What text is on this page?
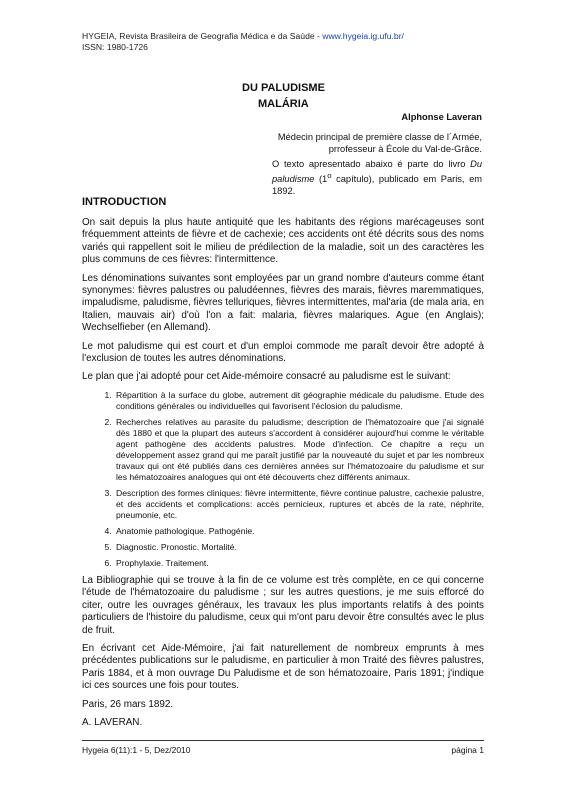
HYGEIA, Revista Brasileira de Geografia Médica e da Saúde - www.hygeia.ig.ufu.br/
ISSN: 1980-1726
DU PALUDISME
MALÁRIA
Alphonse Laveran
Médecin principal de première classe de l´Armée,
prrofesseur à École du Val-de-Grâce.
O texto apresentado abaixo é parte do livro Du paludisme (1$^o$ capítulo), publicado em Paris, em 1892.
INTRODUCTION

On sait depuis la plus haute antiquité que les habitants des régions marécageuses sont fréquemment atteints de fièvre et de cachexie; ces accidents ont été décrits sous des noms variés qui rappellent soit le milieu de prédilection de la maladie, soit un des caractères les plus communs de ces fièvres: l'intermittence.

Les dénominations suivantes sont employées par un grand nombre d'auteurs comme étant synonymes: fièvres palustres ou paludéennes, fièvres des marais, fièvres maremmatiques, impaludisme, paludisme, fièvres telluriques, fièvres intermittentes, mal'aria (de mala aria, en Italien, mauvais air) d'où l'on a fait: malaria, fièvres malariques. Ague (en Anglais); Wechselfieber (en Allemand).

Le mot paludisme qui est court et d'un emploi commode me paraît devoir être adopté à l'exclusion de toutes les autres dénominations.

Le plan que j'ai adopté pour cet Aide-mémoire consacré au paludisme est le suivant:

1. Répartition à la surface du globe, autrement dit géographie médicale du paludisme. Etude des conditions générales ou individuelles qui favorisent l'éclosion du paludisme.
2. Recherches relatives au parasite du paludisme; description de l'hématozoaire que j'ai signalé dès 1880 et que la plupart des auteurs s'accordent à considérer aujourd'hui comme le véritable agent pathogène des accidents palustres. Mode d'infection. Ce chapitre a reçu un développement assez grand qui me paraît justifié par la nouveauté du sujet et par les nombreux travaux qui ont été publiés dans ces dernières années sur l'hématozoaire du paludisme et sur les hématozoaires analogues qui ont été découverts chez différents animaux.
3. Description des formes cliniques: fièvre intermittente, fièvre continue palustre, cachexie palustre, et des accidents et complications: accès pernicieux, ruptures et abcès de la rate, néphrite, pneumonie, etc.
4. Anatomie pathologique. Pathogénie.
5. Diagnostic. Pronostic. Mortalité.
6. Prophylaxie. Traitement.

La Bibliographie qui se trouve à la fin de ce volume est très complète, en ce qui concerne l'étude de l'hématozoaire du paludisme ; sur les autres questions, je me suis efforcé do citer, outre les ouvrages généraux, les travaux les plus importants relatifs à des points particuliers de l'histoire du paludisme, ceux qui m'ont paru devoir être consultés avec le plus de fruit.

En écrivant cet Aide-Mémoire, j'ai fait naturellement de nombreux emprunts à mes précédentes publications sur le paludisme, en particulier à mon Traité des fièvres palustres, Paris 1884, et à mon ouvrage Du Paludisme et de son hématozoaire, Paris 1891; j'indique ici ces sources une fois pour toutes.

Paris, 26 mars 1892.

A. LAVERAN.

Hygeia 6(11):1 - 5, Dez/2010	página 1
